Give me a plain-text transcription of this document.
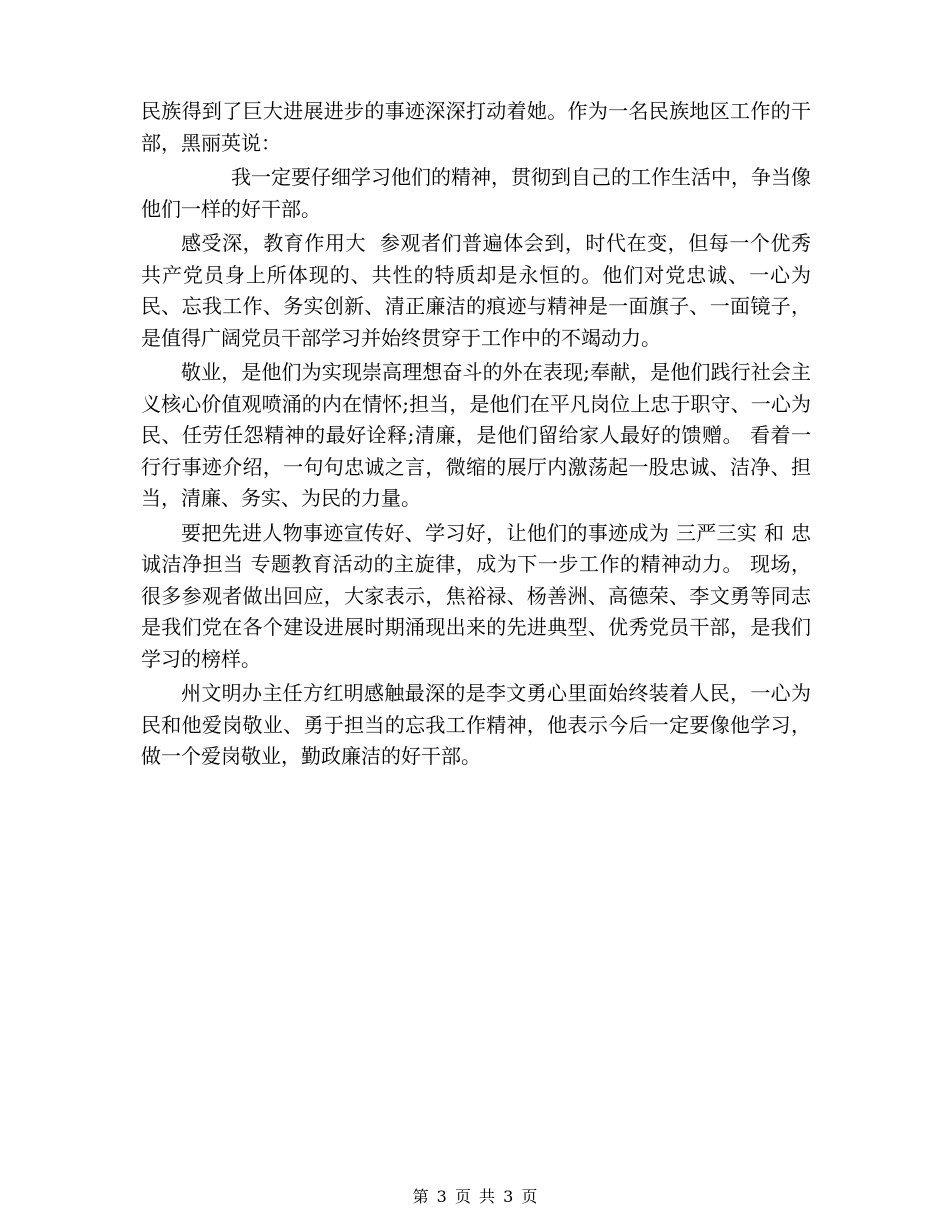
民族得到了巨大进展进步的事迹深深打动着她。作为一名民族地区工作的干部，黑丽英说：

我一定要仔细学习他们的精神，贯彻到自己的工作生活中，争当像他们一样的好干部。

感受深，教育作用大  参观者们普遍体会到，时代在变，但每一个优秀共产党员身上所体现的、共性的特质却是永恒的。他们对党忠诚、一心为民、忘我工作、务实创新、清正廉洁的痕迹与精神是一面旗子、一面镜子，是值得广阔党员干部学习并始终贯穿于工作中的不竭动力。

敬业，是他们为实现崇高理想奋斗的外在表现;奉献，是他们践行社会主义核心价值观喷涌的内在情怀;担当，是他们在平凡岗位上忠于职守、一心为民、任劳任怨精神的最好诠释;清廉，是他们留给家人最好的馈赠。 看着一行行事迹介绍，一句句忠诚之言，微缩的展厅内激荡起一股忠诚、洁净、担当，清廉、务实、为民的力量。

要把先进人物事迹宣传好、学习好，让他们的事迹成为 三严三实 和 忠诚洁净担当 专题教育活动的主旋律，成为下一步工作的精神动力。 现场，很多参观者做出回应，大家表示，焦裕禄、杨善洲、高德荣、李文勇等同志是我们党在各个建设进展时期涌现出来的先进典型、优秀党员干部，是我们学习的榜样。

州文明办主任方红明感触最深的是李文勇心里面始终装着人民，一心为民和他爱岗敬业、勇于担当的忘我工作精神，他表示今后一定要像他学习，做一个爱岗敬业，勤政廉洁的好干部。

第 3 页 共 3 页
